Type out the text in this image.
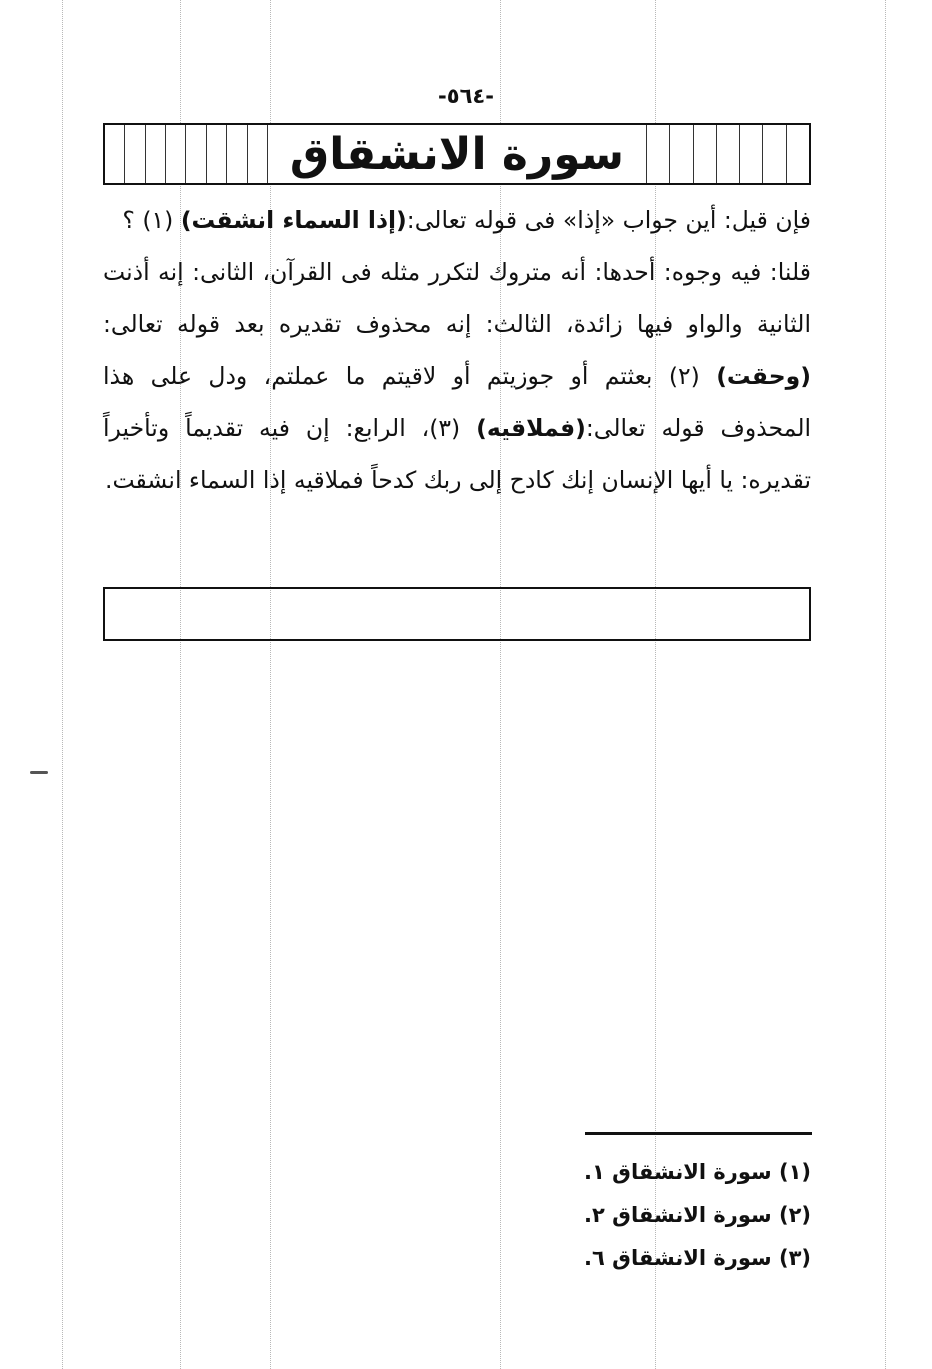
-٥٦٤-
سورة الانشقاق

فإن قيل: أين جواب «إذا» فى قوله تعالى:(إذا السماء انشقت) (١) ؟

قلنا: فيه وجوه: أحدها: أنه متروك لتكرر مثله فى القرآن، الثانى: إنه أذنت الثانية والواو فيها زائدة، الثالث: إنه محذوف تقديره بعد قوله تعالى:(وحقت) (٢) بعثتم أو جوزيتم أو لاقيتم ما عملتم، ودل على هذا المحذوف قوله تعالى:(فملاقيه) (٣)، الرابع: إن فيه تقديماً وتأخيراً تقديره: يا أيها الإنسان إنك كادح إلى ربك كدحاً فملاقيه إذا السماء انشقت.

(١) سورة الانشقاق ١.
(٢) سورة الانشقاق ٢.
(٣) سورة الانشقاق ٦.
